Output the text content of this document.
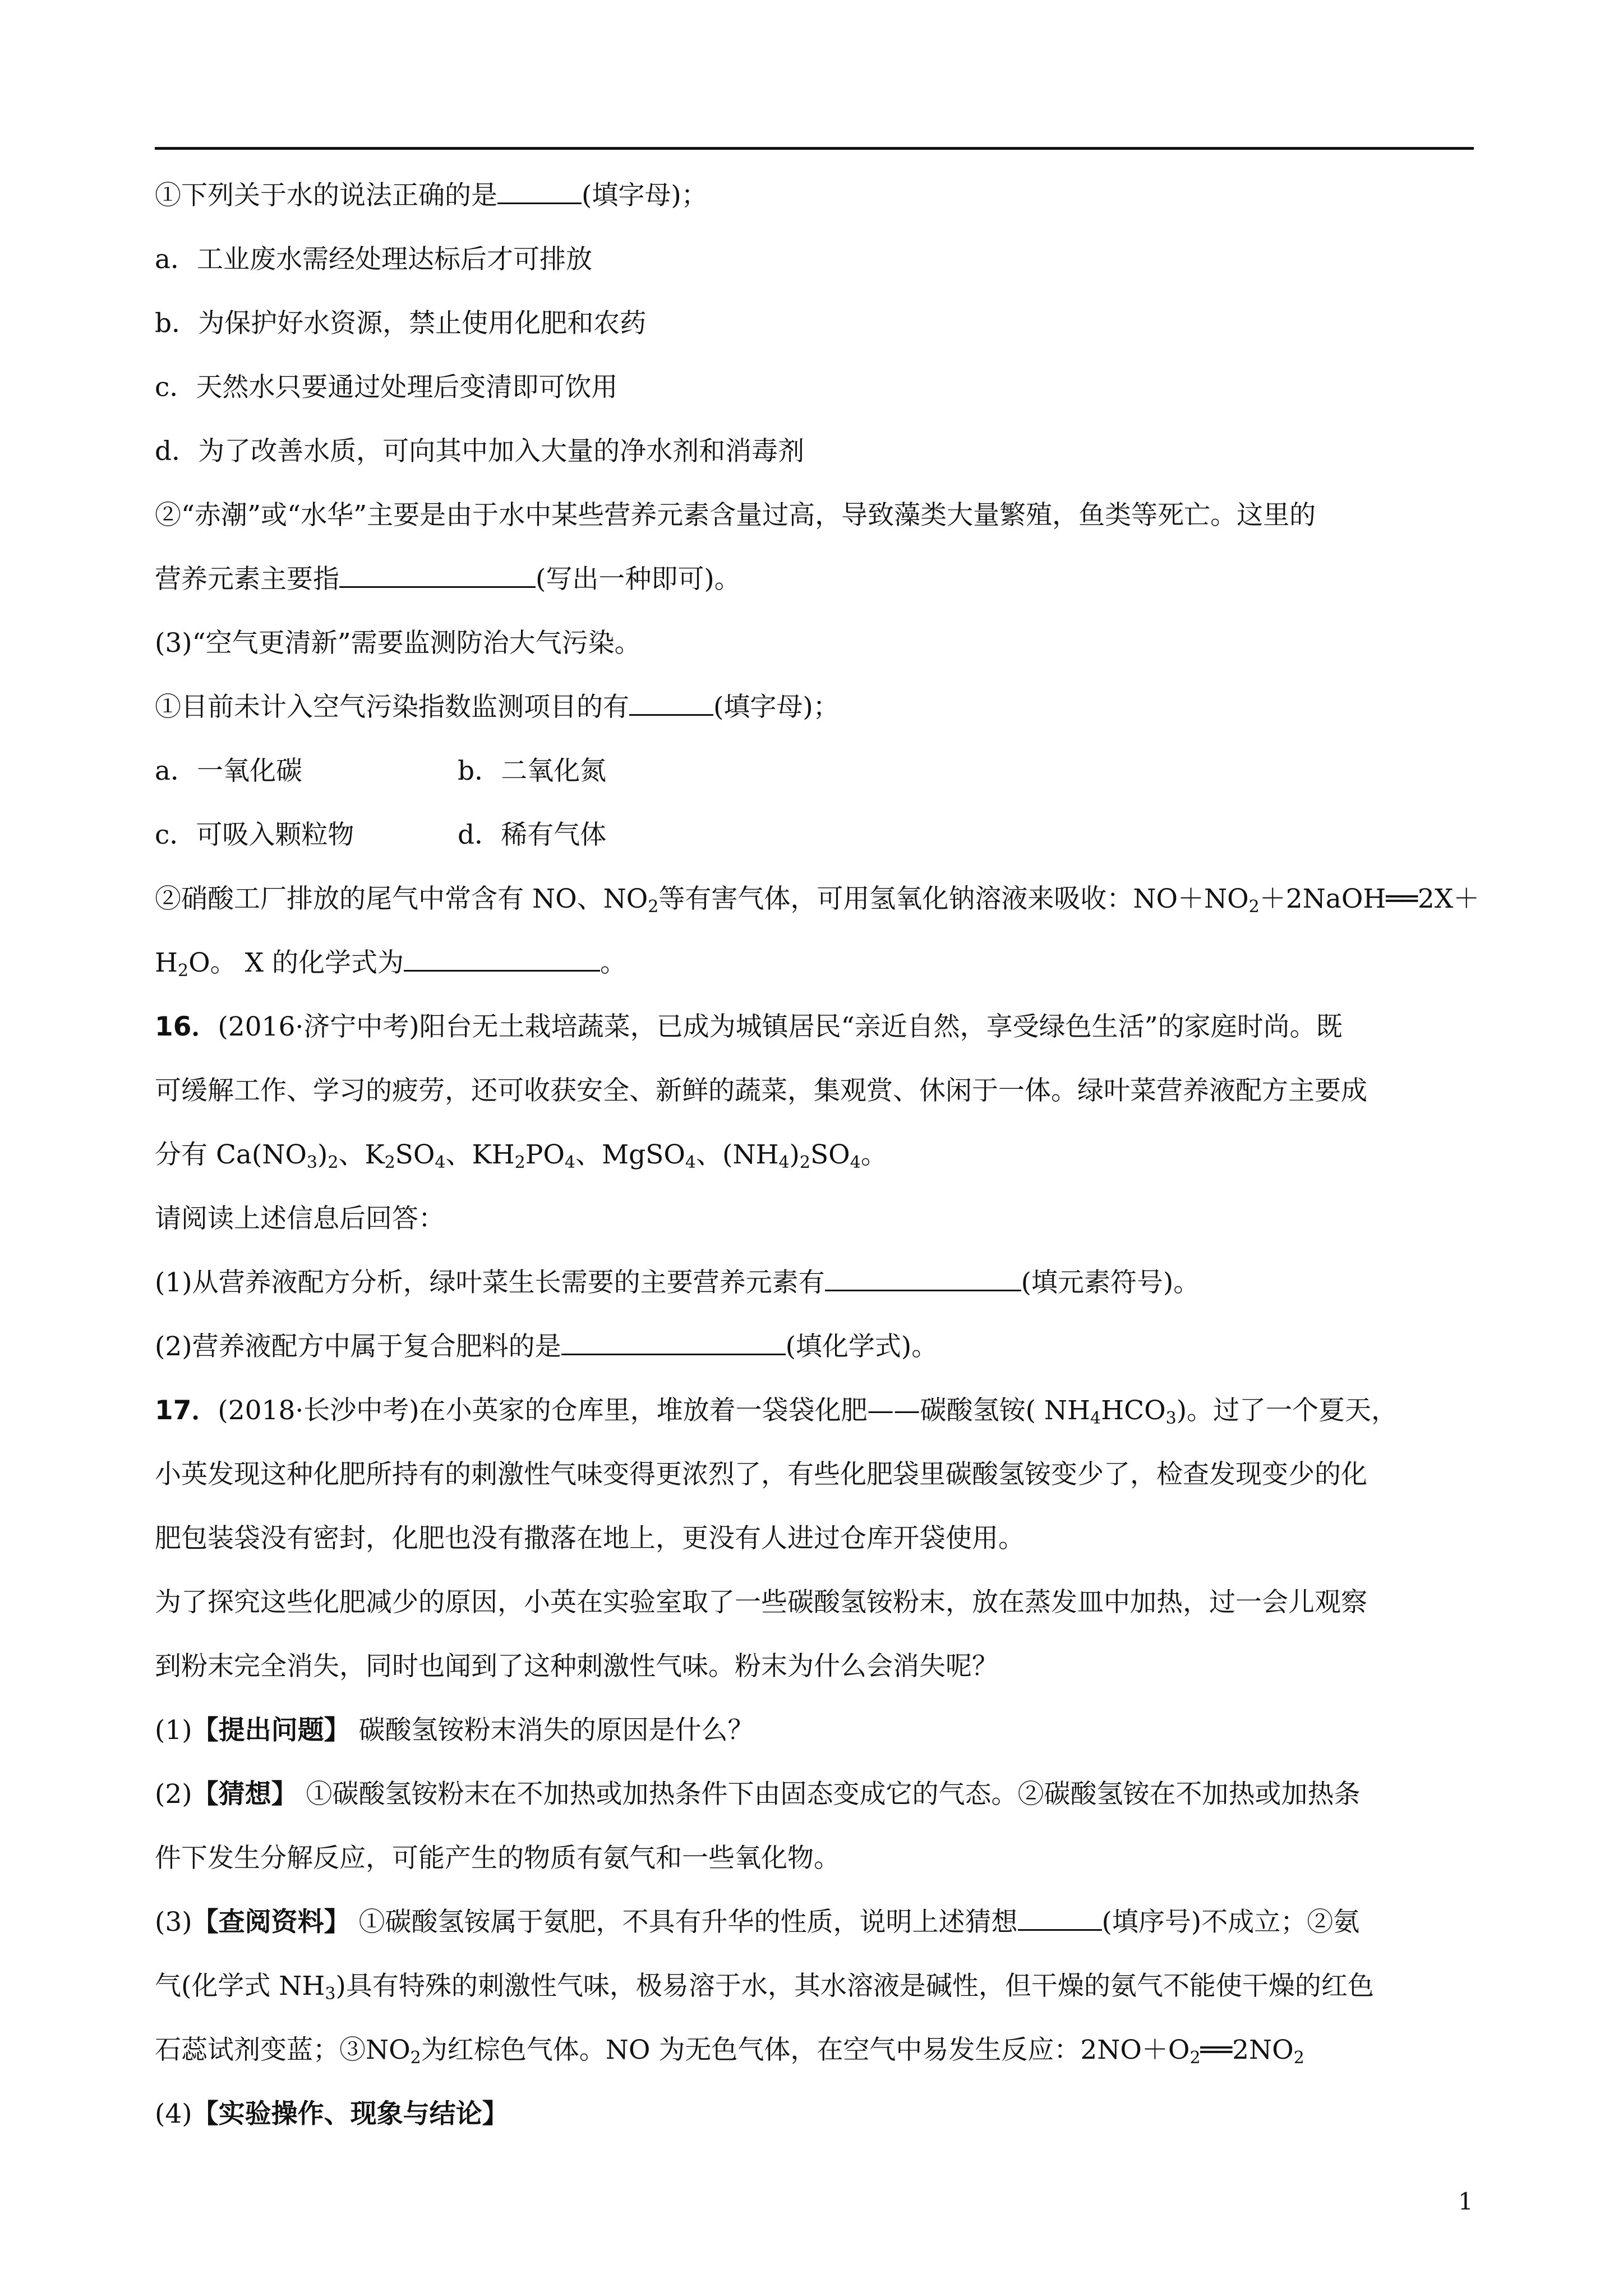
①下列关于水的说法正确的是	(填字母)；
a．工业废水需经处理达标后才可排放
b．为保护好水资源，禁止使用化肥和农药
c．天然水只要通过处理后变清即可饮用
d．为了改善水质，可向其中加入大量的净水剂和消毒剂
②“赤潮”或“水华”主要是由于水中某些营养元素含量过高，导致藻类大量繁殖，鱼类等死亡。这里的
营养元素主要指	(写出一种即可)。
(3)“空气更清新”需要监测防治大气污染。
①目前未计入空气污染指数监测项目的有	(填字母)；
a．一氧化碳	b．二氧化氮
c．可吸入颗粒物	d．稀有气体
②硝酸工厂排放的尾气中常含有 NO、$NO_2$等有害气体，可用氢氧化钠溶液来吸收：$NO+NO_2+2NaOH══2X+$
$H_2O$。 X 的化学式为	。
16．(2016·济宁中考)阳台无土栽培蔬菜，已成为城镇居民“亲近自然，享受绿色生活”的家庭时尚。既
可缓解工作、学习的疲劳，还可收获安全、新鲜的蔬菜，集观赏、休闲于一体。绿叶菜营养液配方主要成
分有 $Ca(NO_3)_2$、$K_2SO_4$、$KH_2PO_4$、MgSO$_4$、$(NH_4)_2SO_4$。
请阅读上述信息后回答：
(1)从营养液配方分析，绿叶菜生长需要的主要营养元素有	(填元素符号)。
(2)营养液配方中属于复合肥料的是	(填化学式)。
17．(2018·长沙中考)在小英家的仓库里，堆放着一袋袋化肥——碳酸氢铵( $NH_4HCO_3$)。过了一个夏天，
小英发现这种化肥所持有的刺激性气味变得更浓烈了，有些化肥袋里碳酸氢铵变少了，检查发现变少的化
肥包装袋没有密封，化肥也没有撒落在地上，更没有人进过仓库开袋使用。
为了探究这些化肥减少的原因，小英在实验室取了一些碳酸氢铵粉末，放在蒸发皿中加热，过一会儿观察
到粉末完全消失，同时也闻到了这种刺激性气味。粉末为什么会消失呢？
(1)【提出问题】 碳酸氢铵粉末消失的原因是什么？
(2)【猜想】 ①碳酸氢铵粉末在不加热或加热条件下由固态变成它的气态。②碳酸氢铵在不加热或加热条
件下发生分解反应，可能产生的物质有氨气和一些氧化物。
(3)【查阅资料】 ①碳酸氢铵属于氨肥，不具有升华的性质，说明上述猜想	(填序号)不成立；②氨
气(化学式 $NH_3$)具有特殊的刺激性气味，极易溶于水，其水溶液是碱性，但干燥的氨气不能使干燥的红色
石蕊试剂变蓝；$③NO_2$为红棕色气体。NO 为无色气体，在空气中易发生反应：$2NO+O_2══2NO_2$
(4)【实验操作、现象与结论】
1
